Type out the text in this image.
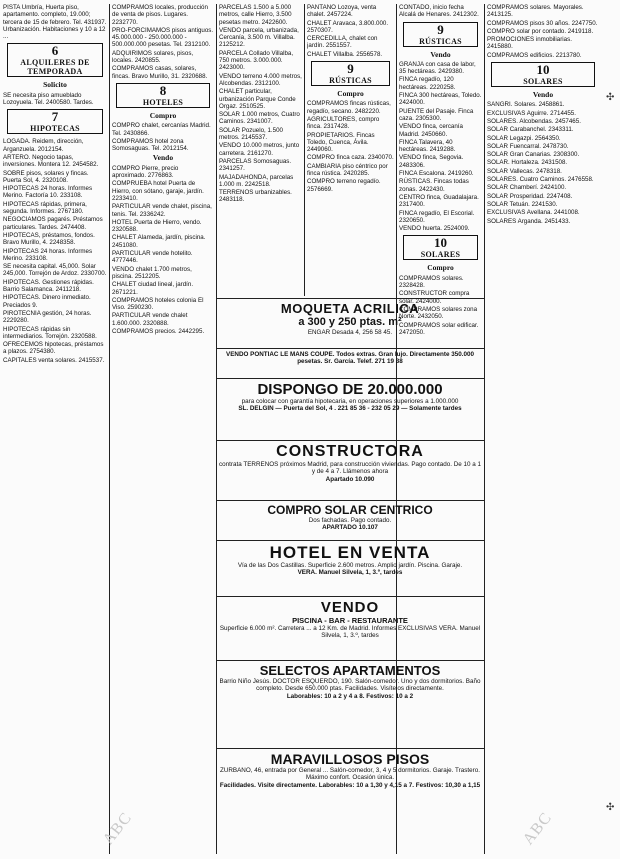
PISTA Umbría, Huerta piso, apartamento. completo, 19.000; tercera de 15 de febrero. Tel. 431937. Urbanización. Habitaciones y 10 a 12 ...

6
ALQUILERES DE TEMPORADA
Solicito

SE necesita piso amueblado Lozoyuela. Tel. 2400580. Tardes.

7
HIPOTECAS

LOGADA. Reidem, dirección, Arganzuela. 2012154.

ARTERO. Negocio tapas, inversiones. Montera 12. 2454582.

SOBRE pisos, solares y fincas. Puerta Sol, 4. 2320108.

HIPOTECAS 24 horas. Informes Merino. Factoría 10. 233108.

HIPOTECAS rápidas, primera, segunda. Informes. 2767180.

NEGOCIAMOS pagarés. Préstamos particulares. Tardes. 2474408.

HIPOTECAS, préstamos, fondos. Bravo Murillo, 4. 2248358.

HIPOTECAS 24 horas. Informes Merino. 233108.

SE necesita capital. 45,000. Solar 245,000. Torrejón de Ardoz. 2330700.

HIPOTECAS. Gestiones rápidas. Barrio Salamanca. 2411218.

HIPOTECAS. Dinero inmediato. Preciados 9.

PIROTECNIA gestión, 24 horas. 2229280.

HIPOTECAS rápidas sin intermediarios. Torrejón. 2320588.

OFRECEMOS hipotecas, préstamos a plazos. 2754380.

CAPITALES venta solares. 2415537.

COMPRAMOS locales, producción de venta de pisos. Lugares. 2232770.

PRO-FORCIMAMOS pisos antiguos. 45.000.000 - 250.000.000 - 500.000.000 pesetas. Tel. 2312100.

ADQUIRIMOS solares, pisos, locales. 2420855.

COMPRAMOS casas, solares, fincas. Bravo Murillo, 31. 2320688.

8
HOTELES
Compro

COMPRO chalet, cercanías Madrid. Tel. 2430866.

COMPRAMOS hotel zona Somosaguas. Tel. 2012154.

Vendo

COMPRO Pierre, precio aproximado. 2776863.

COMPRUEBA hotel Puerta de Hierro, con sótano, garaje, jardín. 2233410.

PARTICULAR vende chalet, piscina, tenis. Tel. 2336242.

HOTEL Puerta de Hierro, vendo. 2320588.

CHALET Alameda, jardín, piscina. 2451080.

PARTICULAR vende hotelito. 4777446.

VENDO chalet 1.700 metros, piscina. 2512205.

CHALET ciudad lineal, jardín. 2671221.

COMPRAMOS hoteles colonia El Viso. 2590230.

PARTICULAR vende chalet 1.600.000. 2320888.

COMPRAMOS precios. 2442295.

PARCELAS 1.500 a 5.000 metros, calle Hierro, 3.500 pesetas metro. 2422600.

VENDO parcela, urbanizada, Cercanía, 3.500 m. Villalba. 2125212.

PARCELA Collado Villalba, 750 metros. 3.000.000. 2423000.

VENDO terreno 4.000 metros, Alcobendas. 2312100.

CHALET particular, urbanización Parque Conde Orgaz. 2510525.

SOLAR 1.000 metros, Cuatro Caminos. 2341007.

SOLAR Pozuelo, 1.500 metros. 2145537.

VENDO 10.000 metros, junto carretera. 2161270.

PARCELAS Somosaguas. 2341257.

MAJADAHONDA, parcelas 1.000 m. 2242518.

TERRENOS urbanizables. 2483118.

PANTANO Lozoya, venta chalet. 2457224.

CHALET Aravaca, 3.800.000. 2570307.

CERCEDILLA, chalet con jardín. 2551557.

CHALET Villalba. 2556578.

9
RÚSTICAS
Compro

COMPRAMOS fincas rústicas, regadío, secano. 2482220.

AGRICULTORES, compro finca. 2317428.

PROPIETARIOS. Fincas Toledo, Cuenca, Ávila. 2449060.

COMPRO finca caza. 2340070.

CAMBIARIA piso céntrico por finca rústica. 2420285.

COMPRO terreno regadío. 2576669.

MOQUETA ACRILICA
a 300 y 250 ptas. m²
ENGAR Desada 4, 256 58 45.
VENDO PONTIAC LE MANS COUPE. Todos extras. Gran lujo. Directamente 350.000 pesetas. Sr. García. Telef. 271 19 38
DISPONGO DE 20.000.000
para colocar con garantía hipotecaria, en operaciones superiores a 1.000.000
SL. DELGIN — Puerta del Sol, 4 . 221 85 36 - 232 05 29 — Solamente tardes
CONSTRUCTORA
contrata TERRENOS próximos Madrid, para construcción viviendas. Pago contado. De 10 a 1 y de 4 a 7. Llámenos ahora
Apartado 10.090
COMPRO SOLAR CENTRICO
Dos fachadas. Pago contado.
APARTADO 10.107
HOTEL EN VENTA
Vía de las Dos Castillas. Superficie 2.600 metros. Amplio jardín. Piscina. Garaje.
VERA. Manuel Silvela, 1, 3.º, tardes
VENDO
PISCINA - BAR - RESTAURANTE
Superficie 6.000 m². Carretera ... a 12 Km. de Madrid. Informes EXCLUSIVAS VERA. Manuel Silvela, 1, 3.º, tardes
SELECTOS APARTAMENTOS
Barrio Niño Jesús. DOCTOR ESQUERDO, 190. Salón-comedor. Uno y dos dormitorios. Baño completo. Desde 650.000 ptas. Facilidades. Visítelos directamente.
Laborables: 10 a 2 y 4 a 8. Festivos: 10 a 2
MARAVILLOSOS PISOS
ZURBANO, 46, entrada por General ... Salón-comedor, 3, 4 y 5 dormitorios. Garaje. Trastero. Máximo confort. Ocasión única.
Facilidades. Visite directamente. Laborables: 10 a 1,30 y 4,15 a 7. Festivos: 10,30 a 1,15

CONTADO, inicio fecha Alcalá de Henares. 2412302.

9
RÚSTICAS
Vendo

GRANJA con casa de labor, 35 hectáreas. 2429380.

FINCA regadío, 120 hectáreas. 2220258.

FINCA 300 hectáreas, Toledo. 2424000.

PUENTE del Pasaje. Finca caza. 2305300.

VENDO finca, cercanía Madrid. 2450660.

FINCA Talavera, 40 hectáreas. 2419288.

VENDO finca, Segovia. 2483306.

FINCA Escalona. 2419260.

RÚSTICAS. Fincas todas zonas. 2422430.

CENTRO finca, Guadalajara. 2317400.

FINCA regadío, El Escorial. 2320650.

VENDO huerta. 2524009.

10
SOLARES
Compro

COMPRAMOS solares. 2328428.

CONSTRUCTOR compra solar. 2424000.

COMPRAMOS solares zona Norte. 2432050.

COMPRAMOS solar edificar. 2472050.

COMPRAMOS solares. Mayorales. 2413125.

COMPRAMOS pisos 30 años. 2247750.

COMPRO solar por contado. 2419118.

PROMOCIONES inmobiliarias. 2415880.

COMPRAMOS edificios. 2213780.

10
SOLARES
Vendo

SANGRI. Solares. 2458861.

EXCLUSIVAS Aguirre. 2714455.

SOLARES. Alcobendas. 2457465.

SOLAR Carabanchel. 2343311.

SOLAR Legazpi. 2564350.

SOLAR Fuencarral. 2478730.

SOLAR Gran Canarias. 2308300.

SOLAR. Hortaleza. 2431508.

SOLAR Vallecas. 2478318.

SOLARES. Cuatro Caminos. 2476558.

SOLAR Chamberí. 2424100.

SOLAR Prosperidad. 2247408.

SOLAR Tetuán. 2241530.

EXCLUSIVAS Avellana. 2441008.

SOLARES Arganda. 2451433.

✣
✣
ABC	ABC
